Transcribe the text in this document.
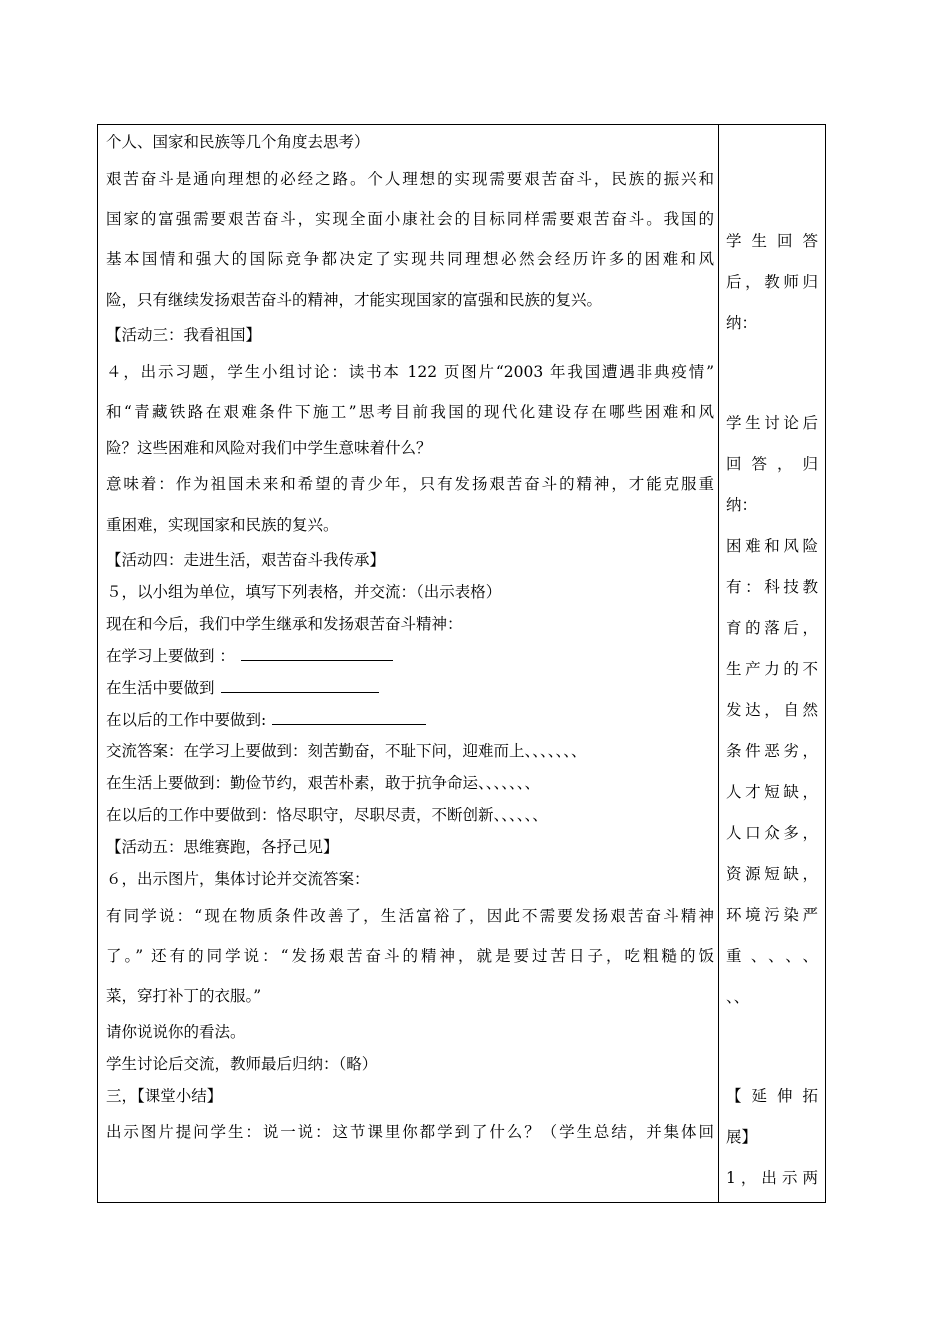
个人、国家和民族等几个角度去思考）
艰苦奋斗是通向理想的必经之路。个人理想的实现需要艰苦奋斗，民族的振兴和
国家的富强需要艰苦奋斗，实现全面小康社会的目标同样需要艰苦奋斗。我国的
基本国情和强大的国际竞争都决定了实现共同理想必然会经历许多的困难和风
险，只有继续发扬艰苦奋斗的精神，才能实现国家的富强和民族的复兴。
【活动三：我看祖国】
４，出示习题，学生小组讨论：读书本 122 页图片“2003 年我国遭遇非典疫情”
和“青藏铁路在艰难条件下施工”思考目前我国的现代化建设存在哪些困难和风
险？这些困难和风险对我们中学生意味着什么？
意味着：作为祖国未来和希望的青少年，只有发扬艰苦奋斗的精神，才能克服重
重困难，实现国家和民族的复兴。
【活动四：走进生活，艰苦奋斗我传承】
５，以小组为单位，填写下列表格，并交流：（出示表格）
现在和今后，我们中学生继承和发扬艰苦奋斗精神：
在学习上要做到 ：
在生活中要做到
在以后的工作中要做到:
交流答案：在学习上要做到：刻苦勤奋，不耻下问，迎难而上、、、、、、、
在生活上要做到：勤俭节约，艰苦朴素，敢于抗争命运、、、、、、、
在以后的工作中要做到：恪尽职守，尽职尽责，不断创新、、、、、、
【活动五：思维赛跑，各抒己见】
６，出示图片，集体讨论并交流答案：
有同学说：“现在物质条件改善了，生活富裕了，因此不需要发扬艰苦奋斗精神
了。” 还有的同学说：“发扬艰苦奋斗的精神，就是要过苦日子，吃粗糙的饭
菜，穿打补丁的衣服。”
请你说说你的看法。
学生讨论后交流，教师最后归纳：（略）
三，【课堂小结】
出示图片提问学生：说一说：这节课里你都学到了什么？（学生总结，并集体回
学生回答
后，教师归
纳：
学生讨论后
回 答 ， 归
纳：
困难和风险
有：科技教
育的落后，
生产力的不
发达，自然
条件恶劣，
人才短缺，
人口众多，
资源短缺，
环境污染严
重、、、、
、、
【 延 伸 拓
展】
1，出示两
